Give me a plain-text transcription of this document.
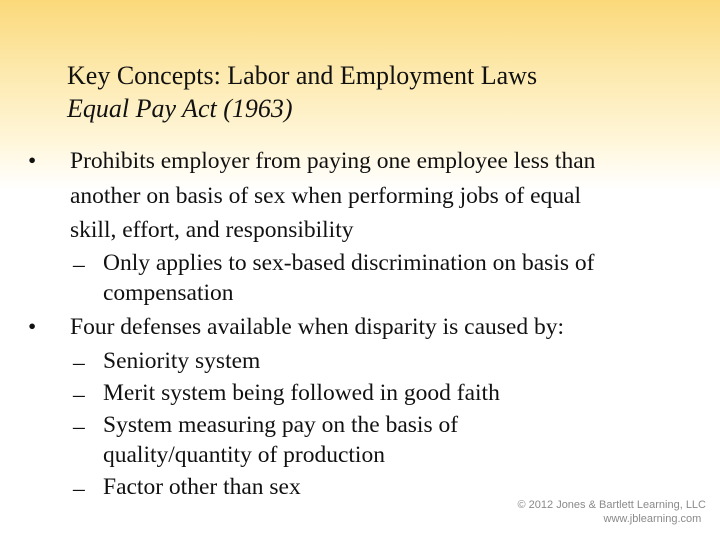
Key Concepts: Labor and Employment Laws
Equal Pay Act (1963)
•	Prohibits employer from paying one employee less than
another on basis of sex when performing jobs of equal
skill, effort, and responsibility
– Only applies to sex-based discrimination on basis of
compensation
•	Four defenses available when disparity is caused by:
– Seniority system
– Merit system being followed in good faith
– System measuring pay on the basis of
quality/quantity of production
– Factor other than sex
© 2012 Jones & Bartlett Learning, LLC
www.jblearning.com
